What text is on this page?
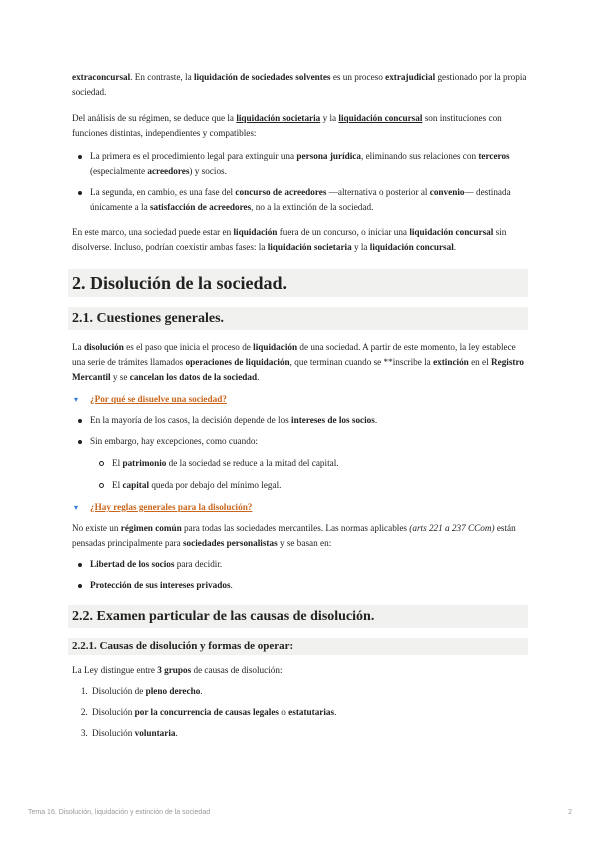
extraconcursal. En contraste, la liquidación de sociedades solventes es un proceso extrajudicial gestionado por la propia sociedad.

Del análisis de su régimen, se deduce que la liquidación societaria y la liquidación concursal son instituciones con funciones distintas, independientes y compatibles:

La primera es el procedimiento legal para extinguir una persona jurídica, eliminando sus relaciones con terceros (especialmente acreedores) y socios.
La segunda, en cambio, es una fase del concurso de acreedores —alternativa o posterior al convenio— destinada únicamente a la satisfacción de acreedores, no a la extinción de la sociedad.

En este marco, una sociedad puede estar en liquidación fuera de un concurso, o iniciar una liquidación concursal sin disolverse. Incluso, podrían coexistir ambas fases: la liquidación societaria y la liquidación concursal.

2. Disolución de la sociedad.
2.1. Cuestiones generales.

La disolución es el paso que inicia el proceso de liquidación de una sociedad. A partir de este momento, la ley establece una serie de trámites llamados operaciones de liquidación, que terminan cuando se **inscribe la extinción en el Registro Mercantil y se cancelan los datos de la sociedad.

▾	¿Por qué se disuelve una sociedad?
En la mayoría de los casos, la decisión depende de los intereses de los socios.
Sin embargo, hay excepciones, como cuando:
El patrimonio de la sociedad se reduce a la mitad del capital.
El capital queda por debajo del mínimo legal.
▾	¿Hay reglas generales para la disolución?

No existe un régimen común para todas las sociedades mercantiles. Las normas aplicables (arts 221 a 237 CCom) están pensadas principalmente para sociedades personalistas y se basan en:

Libertad de los socios para decidir.
Protección de sus intereses privados.
2.2. Examen particular de las causas de disolución.
2.2.1. Causas de disolución y formas de operar:

La Ley distingue entre 3 grupos de causas de disolución:

1. Disolución de pleno derecho.
2. Disolución por la concurrencia de causas legales o estatutarias.
3. Disolución voluntaria.
Tema 16. Disolución, liquidación y extinción de la sociedad	2
